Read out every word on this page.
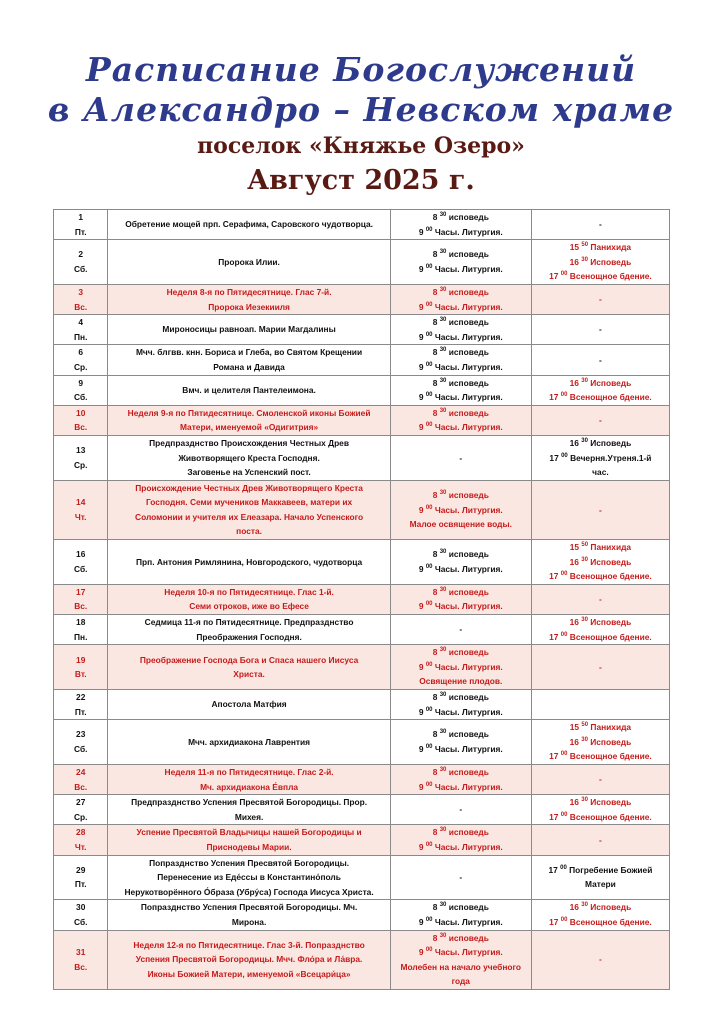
Расписание Богослужений
в Александро – Невском храме
поселок «Княжье Озеро»
Август 2025 г.
1
Пт.	Обретение мощей прп. Серафима, Саровского чудотворца.	8 $^{30}$ исповедь
9 $^{00}$ Часы. Литургия.	-

2
Сб.	Пророка Илии.	8 $^{30}$ исповедь
9 $^{00}$ Часы. Литургия.	15 $^{50}$ Панихида
16 $^{30}$ Исповедь
17 $^{00}$ Всенощное бдение.

3
Вс.	Неделя 8-я по Пятидесятнице. Глас 7-й.
Пророка Иезекииля	8 $^{30}$ исповедь
9 $^{00}$ Часы. Литургия.	-

4
Пн.	Мироносицы равноап. Марии Магдалины	8 $^{30}$ исповедь
9 $^{00}$ Часы. Литургия.	-

6
Ср.	Мчч. блгвв. кнн. Бориса и Глеба, во Святом Крещении
Романа и Давида	8 $^{30}$ исповедь
9 $^{00}$ Часы. Литургия.	-

9
Сб.	Вмч. и целителя Пантелеимона.	8 $^{30}$ исповедь
9 $^{00}$ Часы. Литургия.	16 $^{30}$ Исповедь
17 $^{00}$ Всенощное бдение.

10
Вс.	Неделя 9-я по Пятидесятнице. Смоленской иконы Божией
Матери, именуемой «Одигитрия»	8 $^{30}$ исповедь
9 $^{00}$ Часы. Литургия.	-

13
Ср.	Предпразднство Происхождения Честных Древ
Животворящего Креста Господня.
Заговенье на Успенский пост.	-	16 $^{30}$ Исповедь
17 $^{00}$ Вечерня.Утреня.1-й
час.

14
Чт.	Происхождение Честных Древ Животворящего Креста
Господня. Семи мучеников Маккавеев, матери их
Соломонии и учителя их Елеазара. Начало Успенского
поста.	8 $^{30}$ исповедь
9 $^{00}$ Часы. Литургия.
Малое освящение воды.	-

16
Сб.	Прп. Антония Римлянина, Новгородского, чудотворца	8 $^{30}$ исповедь
9 $^{00}$ Часы. Литургия.	15 $^{50}$ Панихида
16 $^{30}$ Исповедь
17 $^{00}$ Всенощное бдение.

17
Вс.	Неделя 10-я по Пятидесятнице. Глас 1-й.
Семи отроков, иже во Ефесе	8 $^{30}$ исповедь
9 $^{00}$ Часы. Литургия.	-

18
Пн.	Седмица 11-я по Пятидесятнице. Предпразднство
Преображения Господня.	-	16 $^{30}$ Исповедь
17 $^{00}$ Всенощное бдение.

19
Вт.	Преображение Господа Бога и Спаса нашего Иисуса
Христа.	8 $^{30}$ исповедь
9 $^{00}$ Часы. Литургия.
Освящение плодов.	-

22
Пт.	Апостола Матфия	8 $^{30}$ исповедь
9 $^{00}$ Часы. Литургия.	

23
Сб.	Мчч. архидиакона Лаврентия	8 $^{30}$ исповедь
9 $^{00}$ Часы. Литургия.	15 $^{50}$ Панихида
16 $^{30}$ Исповедь
17 $^{00}$ Всенощное бдение.

24
Вс.	Неделя 11-я по Пятидесятнице. Глас 2-й.
Мч. архидиакона Е́впла	8 $^{30}$ исповедь
9 $^{00}$ Часы. Литургия.	-

27
Ср.	Предпразднство Успения Пресвятой Богородицы. Прор.
Михея.	-	16 $^{30}$ Исповедь
17 $^{00}$ Всенощное бдение.

28
Чт.	Успение Пресвятой Владычицы нашей Богородицы и
Приснодевы Марии.	8 $^{30}$ исповедь
9 $^{00}$ Часы. Литургия.	-

29
Пт.	Попразднство Успения Пресвятой Богородицы.
Перенесение из Еде́ссы в Константино́поль
Нерукотворённого О́браза (Убру́са) Господа Иисуса Христа.	-	17 $^{00}$ Погребение Божией
Матери

30
Сб.	Попразднство Успения Пресвятой Богородицы. Мч.
Мирона.	8 $^{30}$ исповедь
9 $^{00}$ Часы. Литургия.	16 $^{30}$ Исповедь
17 $^{00}$ Всенощное бдение.

31
Вс.	Неделя 12-я по Пятидесятнице. Глас 3-й. Попразднство
Успения Пресвятой Богородицы. Мчч. Фло́ра и Ла́вра.
Иконы Божией Матери, именуемой «Всецари́ца»	8 $^{30}$ исповедь
9 $^{00}$ Часы. Литургия.
Молебен на начало учебного
года	-
